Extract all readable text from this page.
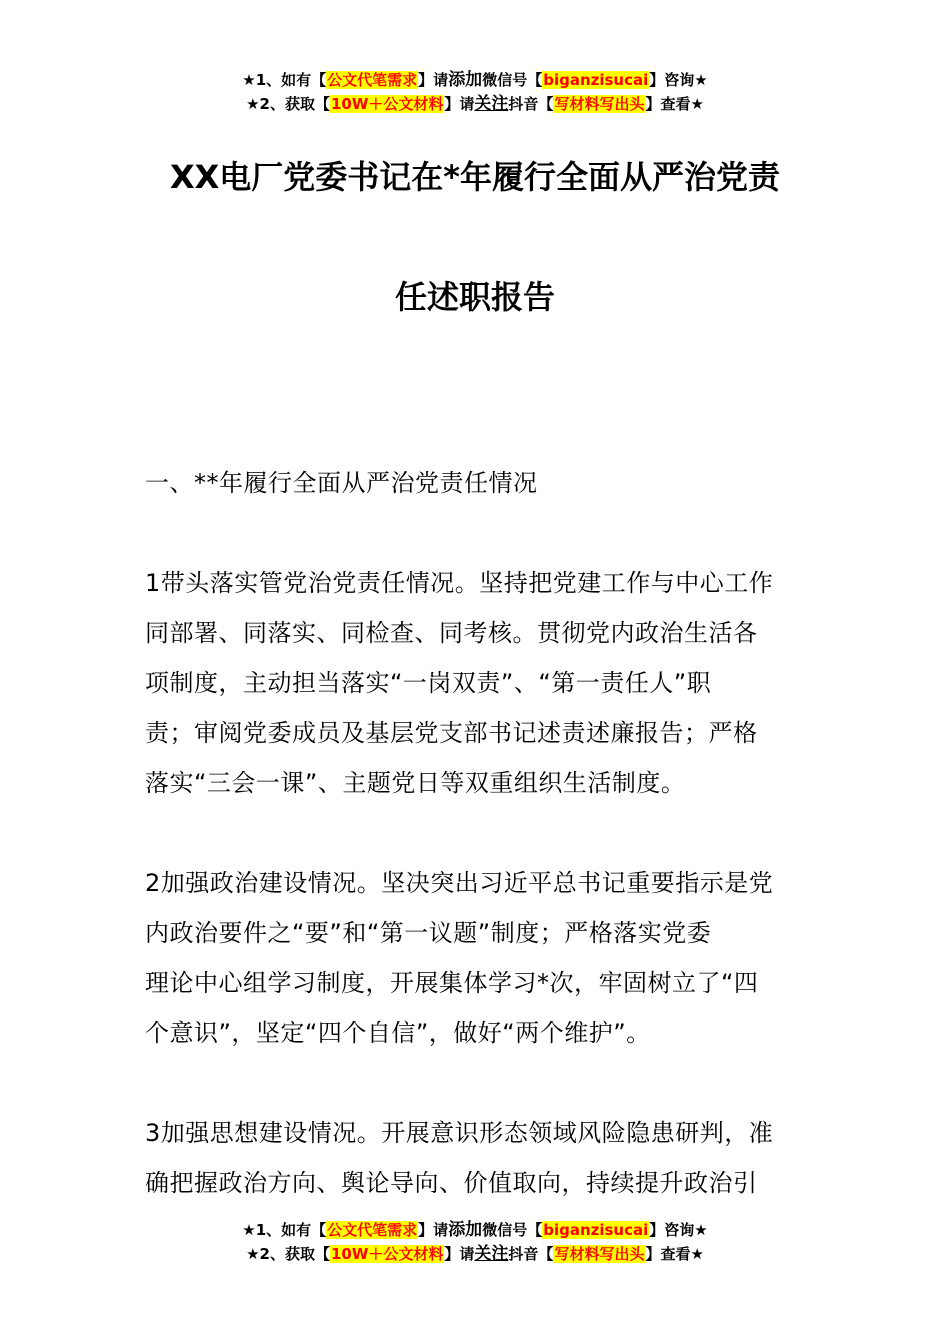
★1、如有【公文代笔需求】请添加微信号【biganzisucai】咨询★
★2、获取【10W＋公文材料】请关注抖音【写材料写出头】查看★
XX电厂党委书记在*年履行全面从严治党责
任述职报告

一、**年履行全面从严治党责任情况

1带头落实管党治党责任情况。坚持把党建工作与中心工作

同部署、同落实、同检查、同考核。贯彻党内政治生活各

项制度，主动担当落实“一岗双责”、“第一责任人”职

责；审阅党委成员及基层党支部书记述责述廉报告；严格

落实“三会一课”、主题党日等双重组织生活制度。

2加强政治建设情况。坚决突出习近平总书记重要指示是党

内政治要件之“要”和“第一议题”制度；严格落实党委

理论中心组学习制度，开展集体学习*次，牢固树立了“四

个意识”，坚定“四个自信”，做好“两个维护”。

3加强思想建设情况。开展意识形态领域风险隐患研判，准

确把握政治方向、舆论导向、价值取向，持续提升政治引

★1、如有【公文代笔需求】请添加微信号【biganzisucai】咨询★
★2、获取【10W＋公文材料】请关注抖音【写材料写出头】查看★
